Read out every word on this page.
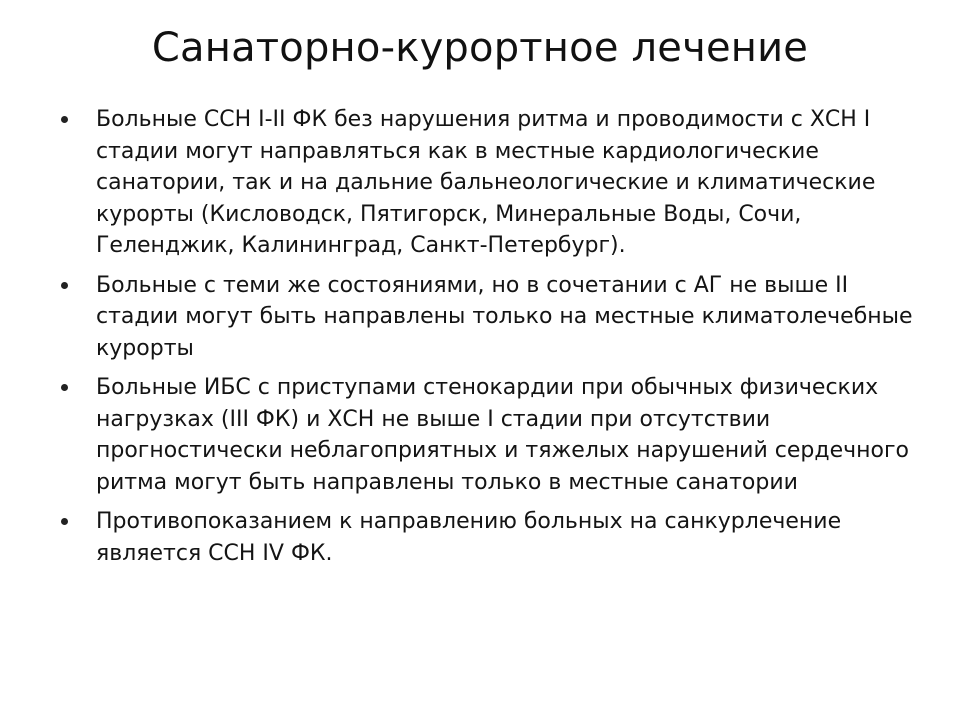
Санаторно-курортное лечение
Больные ССН I-II ФК без нарушения ритма и проводимости с ХСН I стадии могут направляться как в местные кардиологические санатории, так и на дальние бальнеологические и климатические курорты (Кисловодск, Пятигорск, Минеральные Воды, Сочи, Геленджик, Калининград, Санкт-Петербург).
Больные с теми же состояниями, но в сочетании с АГ не выше II стадии могут быть направлены только на местные климатолечебные курорты
Больные ИБС с приступами стенокардии при обычных физических нагрузках (III ФК) и ХСН не выше I стадии при отсутствии прогностически неблагоприятных и тяжелых нарушений сердечного ритма могут быть направлены только в местные санатории
Противопоказанием к направлению больных на санкурлечение является ССН IV ФК.
